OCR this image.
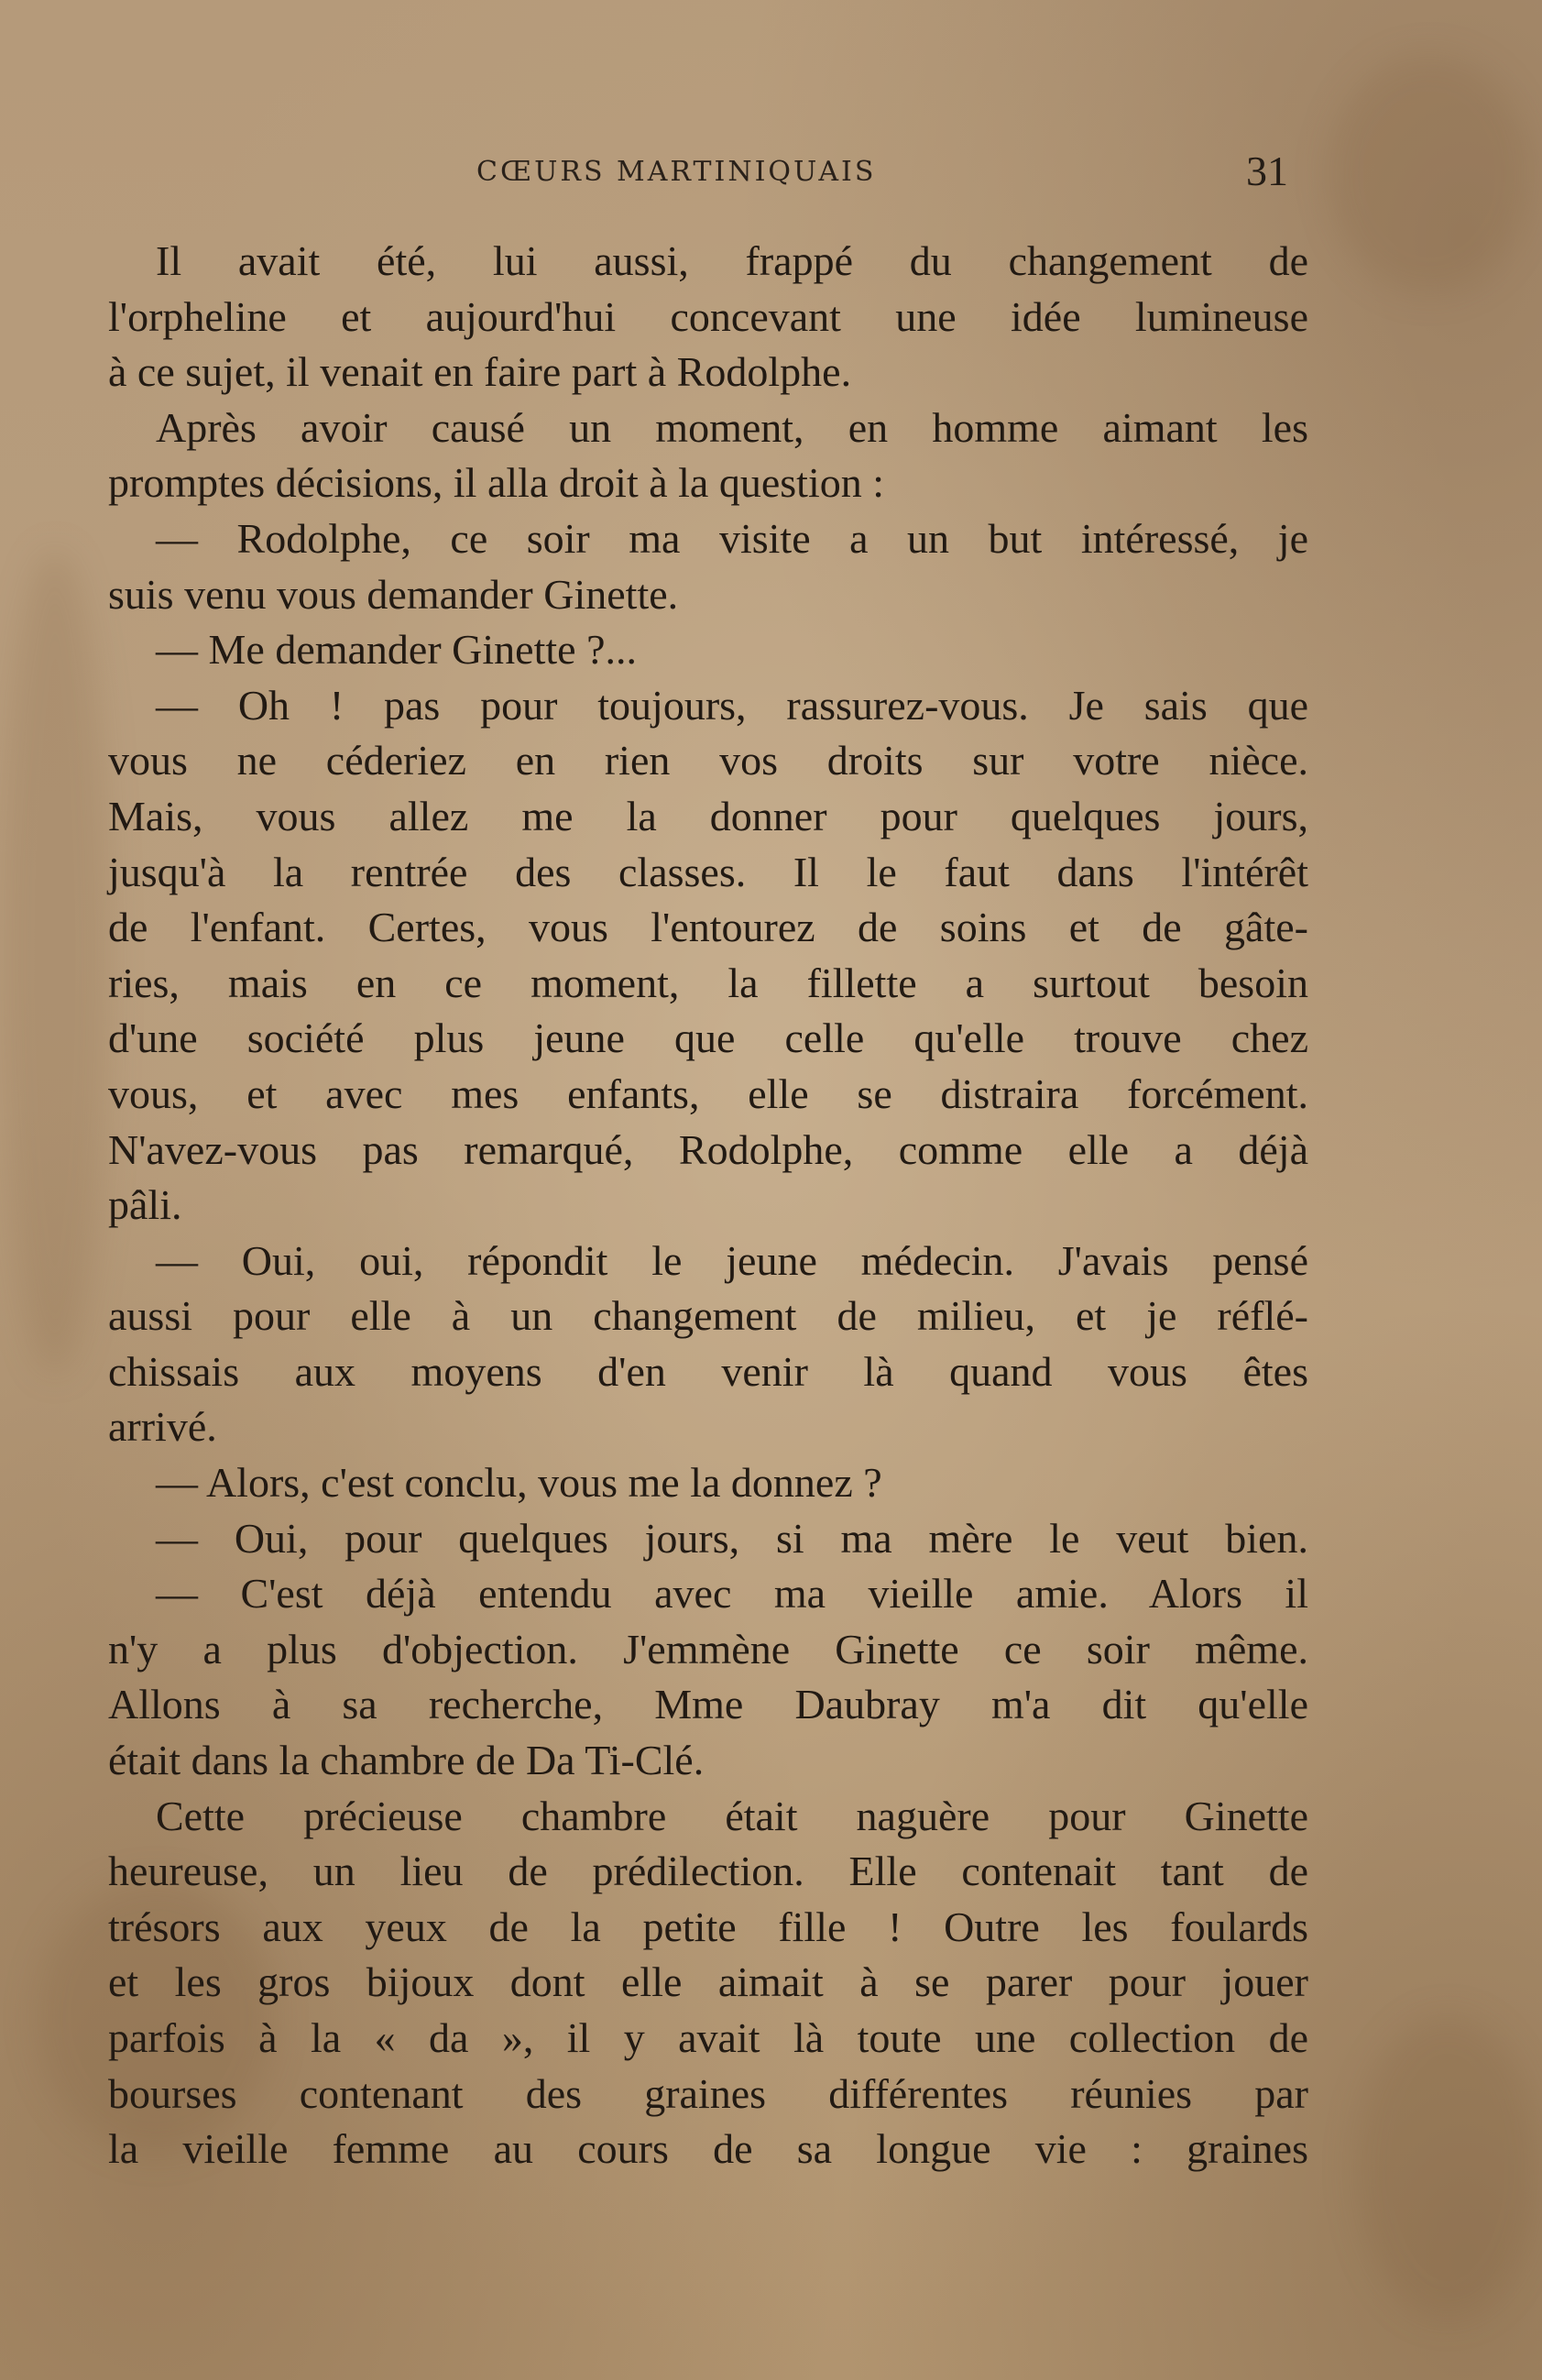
CŒURS MARTINIQUAIS	31
Il avait été, lui aussi, frappé du changement de
l'orpheline et aujourd'hui concevant une idée lumineuse
à ce sujet, il venait en faire part à Rodolphe.
Après avoir causé un moment, en homme aimant les
promptes décisions, il alla droit à la question :
— Rodolphe, ce soir ma visite a un but intéressé, je
suis venu vous demander Ginette.
— Me demander Ginette ?...
— Oh ! pas pour toujours, rassurez-vous. Je sais que
vous ne céderiez en rien vos droits sur votre nièce.
Mais, vous allez me la donner pour quelques jours,
jusqu'à la rentrée des classes. Il le faut dans l'intérêt
de l'enfant. Certes, vous l'entourez de soins et de gâte-
ries, mais en ce moment, la fillette a surtout besoin
d'une société plus jeune que celle qu'elle trouve chez
vous, et avec mes enfants, elle se distraira forcément.
N'avez-vous pas remarqué, Rodolphe, comme elle a déjà
pâli.
— Oui, oui, répondit le jeune médecin. J'avais pensé
aussi pour elle à un changement de milieu, et je réflé-
chissais aux moyens d'en venir là quand vous êtes
arrivé.
— Alors, c'est conclu, vous me la donnez ?
— Oui, pour quelques jours, si ma mère le veut bien.
— C'est déjà entendu avec ma vieille amie. Alors il
n'y a plus d'objection. J'emmène Ginette ce soir même.
Allons à sa recherche, Mme Daubray m'a dit qu'elle
était dans la chambre de Da Ti-Clé.
Cette précieuse chambre était naguère pour Ginette
heureuse, un lieu de prédilection. Elle contenait tant de
trésors aux yeux de la petite fille ! Outre les foulards
et les gros bijoux dont elle aimait à se parer pour jouer
parfois à la « da », il y avait là toute une collection de
bourses contenant des graines différentes réunies par
la vieille femme au cours de sa longue vie : graines
